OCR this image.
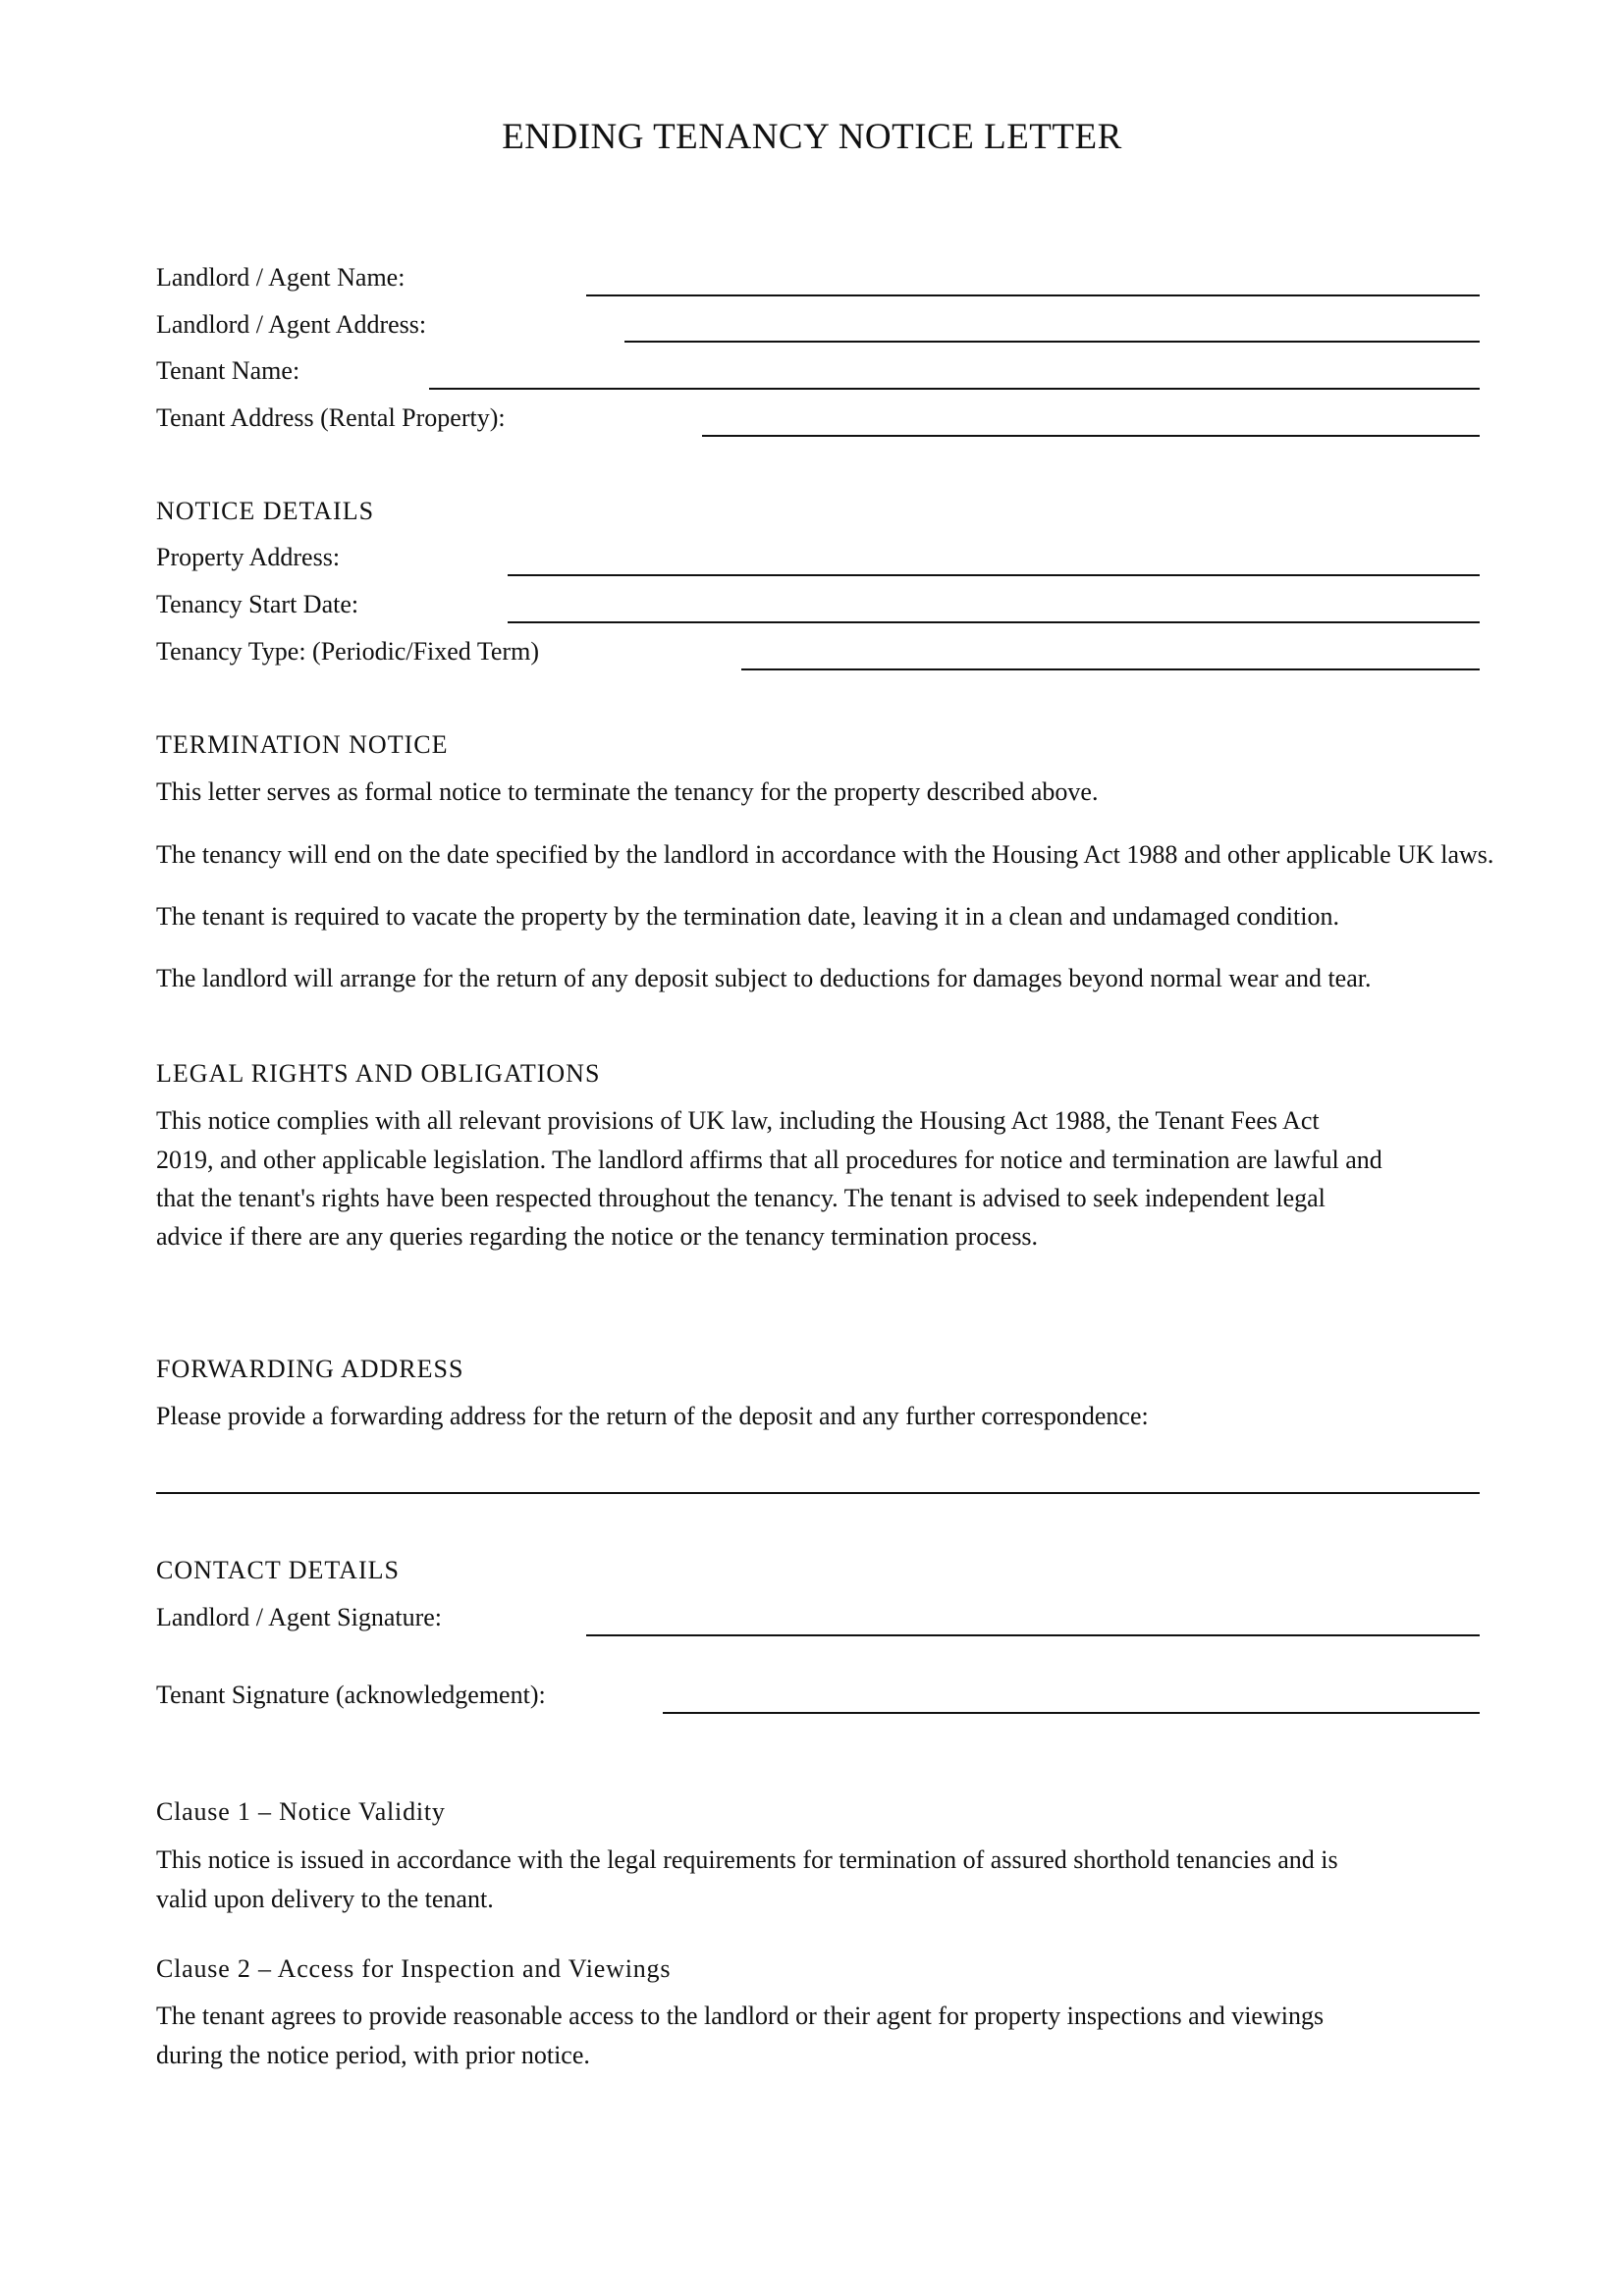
ENDING TENANCY NOTICE LETTER
Landlord / Agent Name:
Landlord / Agent Address:
Tenant Name:
Tenant Address (Rental Property):
NOTICE DETAILS
Property Address:
Tenancy Start Date:
Tenancy Type: (Periodic/Fixed Term)
TERMINATION NOTICE
This letter serves as formal notice to terminate the tenancy for the property described above.
The tenancy will end on the date specified by the landlord in accordance with the Housing Act 1988 and other applicable UK laws.
The tenant is required to vacate the property by the termination date, leaving it in a clean and undamaged condition.
The landlord will arrange for the return of any deposit subject to deductions for damages beyond normal wear and tear.
LEGAL RIGHTS AND OBLIGATIONS
This notice complies with all relevant provisions of UK law, including the Housing Act 1988, the Tenant Fees Act
2019, and other applicable legislation. The landlord affirms that all procedures for notice and termination are lawful and
that the tenant's rights have been respected throughout the tenancy. The tenant is advised to seek independent legal
advice if there are any queries regarding the notice or the tenancy termination process.
FORWARDING ADDRESS
Please provide a forwarding address for the return of the deposit and any further correspondence:
CONTACT DETAILS
Landlord / Agent Signature:
Tenant Signature (acknowledgement):
Clause 1 – Notice Validity
This notice is issued in accordance with the legal requirements for termination of assured shorthold tenancies and is
valid upon delivery to the tenant.
Clause 2 – Access for Inspection and Viewings
The tenant agrees to provide reasonable access to the landlord or their agent for property inspections and viewings
during the notice period, with prior notice.
